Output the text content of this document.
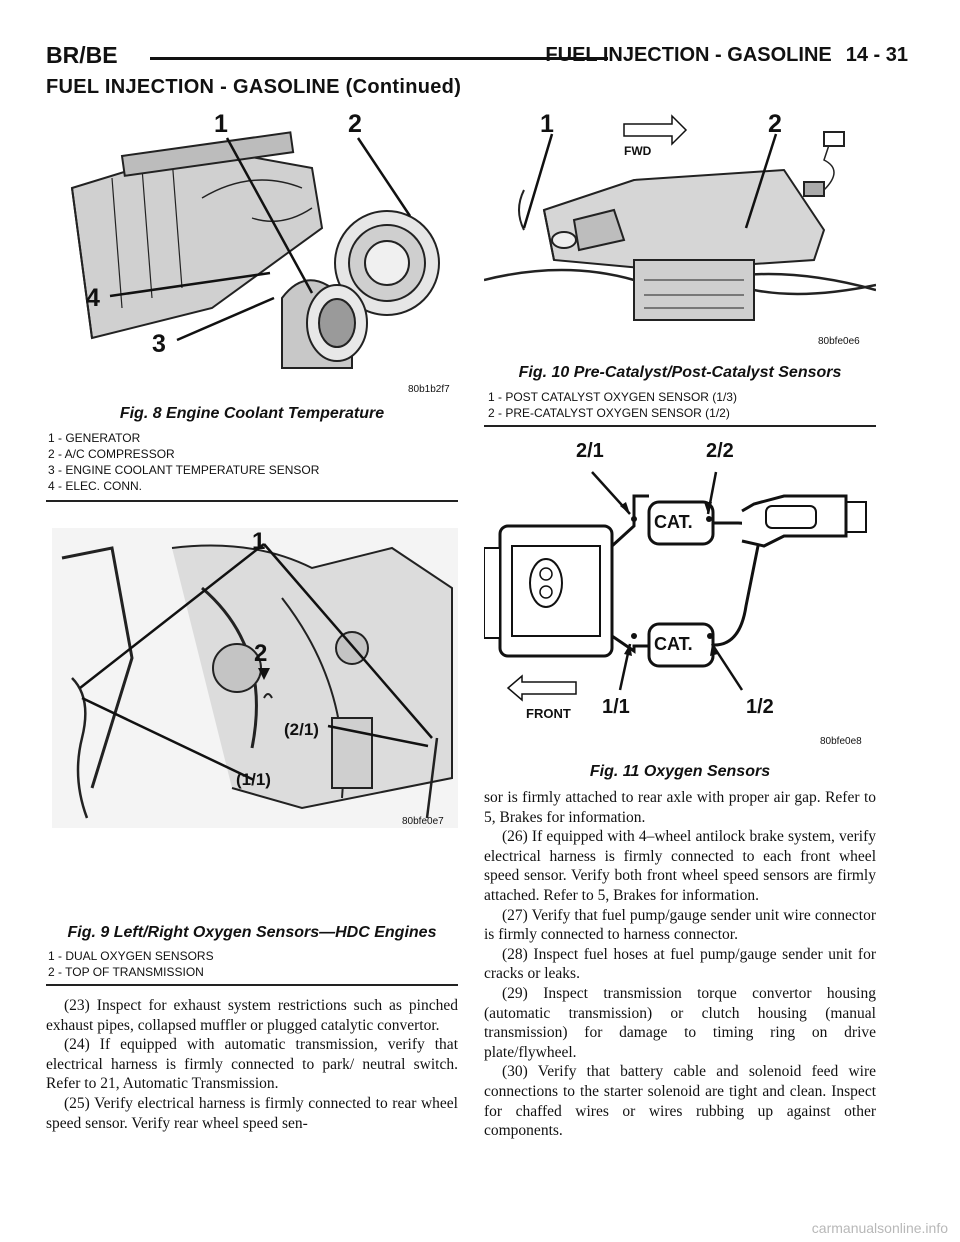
BR/BE	FUEL INJECTION - GASOLINE 14 - 31
FUEL INJECTION - GASOLINE (Continued)
1	2
4
3
80b1b2f7
Fig. 8 Engine Coolant Temperature
1 - GENERATOR
2 - A/C COMPRESSOR
3 - ENGINE COOLANT TEMPERATURE SENSOR
4 - ELEC. CONN.
1
2
(2/1)
(1/1)
80bfe0e7
Fig. 9 Left/Right Oxygen Sensors—HDC Engines
1 - DUAL OXYGEN SENSORS
2 - TOP OF TRANSMISSION

(23) Inspect for exhaust system restrictions such as pinched exhaust pipes, collapsed muffler or plugged catalytic convertor.

(24) If equipped with automatic transmission, verify that electrical harness is firmly connected to park/ neutral switch. Refer to 21, Automatic Transmission.

(25) Verify electrical harness is firmly connected to rear wheel speed sensor. Verify rear wheel speed sen-

1	2
FWD
80bfe0e6
Fig. 10 Pre-Catalyst/Post-Catalyst Sensors
1 - POST CATALYST OXYGEN SENSOR (1/3)
2 - PRE-CATALYST OXYGEN SENSOR (1/2)
2/1	2/2
CAT.
CAT.
FRONT 1/1	1/2
80bfe0e8
Fig. 11 Oxygen Sensors

sor is firmly attached to rear axle with proper air gap. Refer to 5, Brakes for information.

(26) If equipped with 4–wheel antilock brake system, verify electrical harness is firmly connected to each front wheel speed sensor. Verify both front wheel speed sensors are firmly attached. Refer to 5, Brakes for information.

(27) Verify that fuel pump/gauge sender unit wire connector is firmly connected to harness connector.

(28) Inspect fuel hoses at fuel pump/gauge sender unit for cracks or leaks.

(29) Inspect transmission torque convertor housing (automatic transmission) or clutch housing (manual transmission) for damage to timing ring on drive plate/flywheel.

(30) Verify that battery cable and solenoid feed wire connections to the starter solenoid are tight and clean. Inspect for chaffed wires or wires rubbing up against other components.

carmanualsonline.info
